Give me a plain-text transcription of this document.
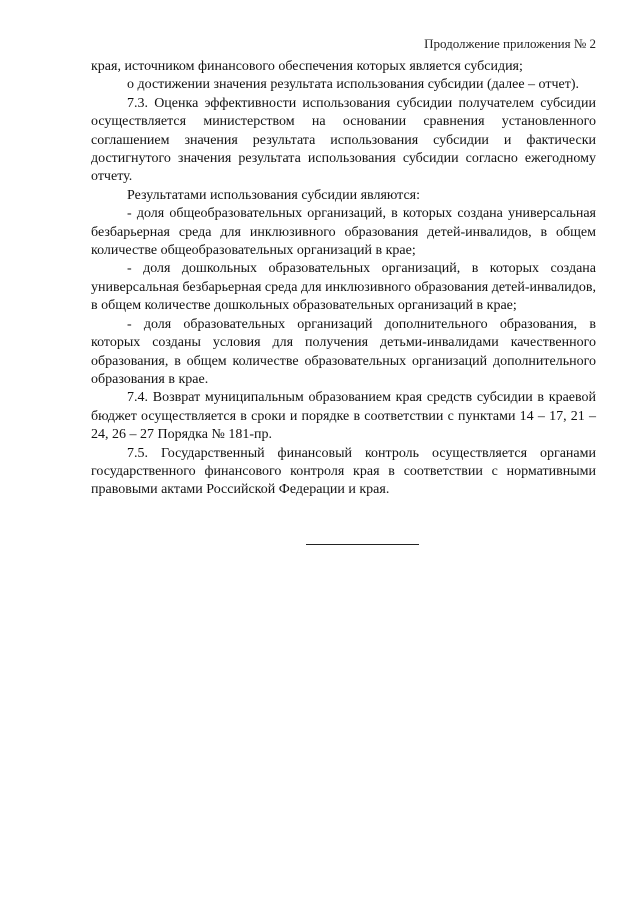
Продолжение приложения № 2

края, источником финансового обеспечения которых является субсидия;

о достижении значения результата использования субсидии (далее – отчет).

7.3. Оценка эффективности использования субсидии получателем субсидии осуществляется министерством на основании сравнения установленного соглашением значения результата использования субсидии и фактически достигнутого значения результата использования субсидии согласно ежегодному отчету.

Результатами использования субсидии являются:

- доля общеобразовательных организаций, в которых создана универсальная безбарьерная среда для инклюзивного образования детей-инвалидов, в общем количестве общеобразовательных организаций в крае;

- доля дошкольных образовательных организаций, в которых создана универсальная безбарьерная среда для инклюзивного образования детей-инвалидов, в общем количестве дошкольных образовательных организаций в крае;

- доля образовательных организаций дополнительного образования, в которых созданы условия для получения детьми-инвалидами качественного образования, в общем количестве образовательных организаций дополнительного образования в крае.

7.4. Возврат муниципальным образованием края средств субсидии в краевой бюджет осуществляется в сроки и порядке в соответствии с пунктами 14 – 17, 21 – 24, 26 – 27 Порядка № 181-пр.

7.5. Государственный финансовый контроль осуществляется органами государственного финансового контроля края в соответствии с нормативными правовыми актами Российской Федерации и края.
